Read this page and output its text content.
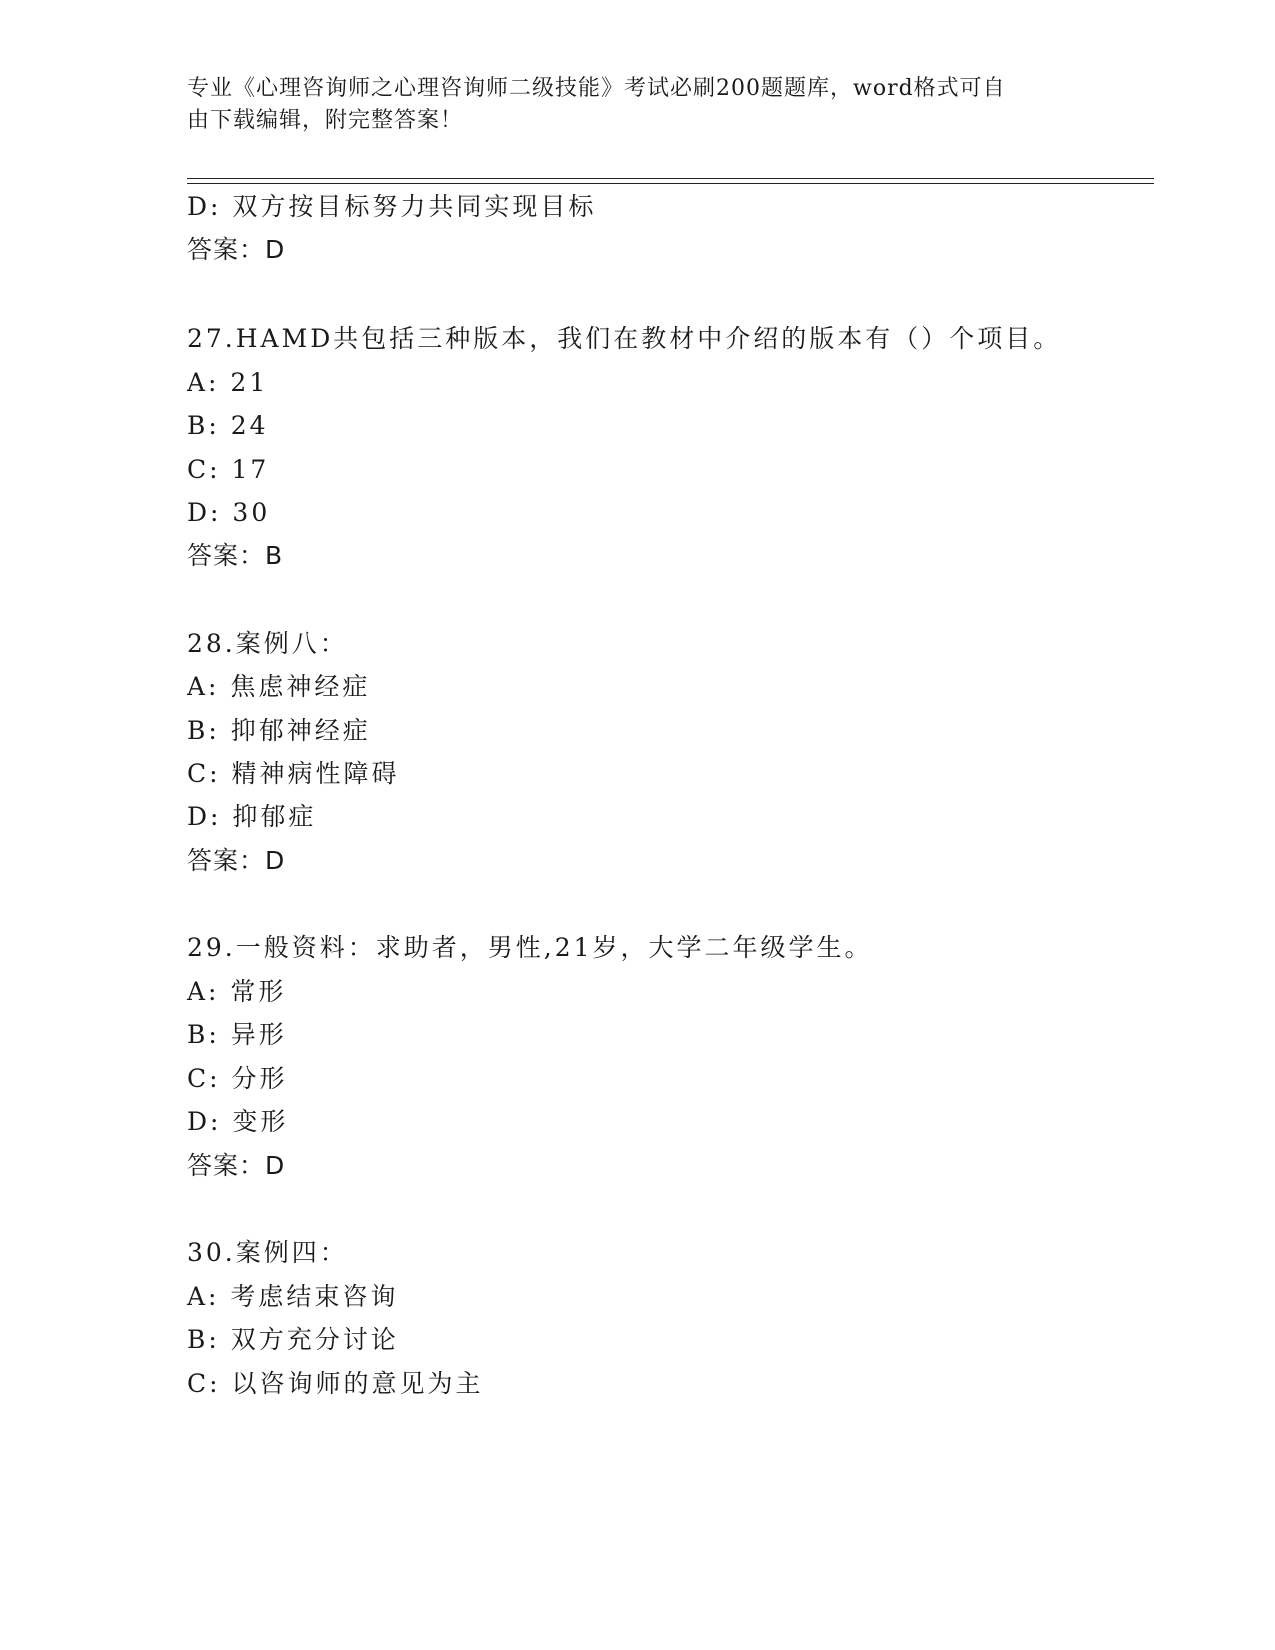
专业《心理咨询师之心理咨询师二级技能》考试必刷200题题库，word格式可自
由下载编辑，附完整答案！
D: 双方按目标努力共同实现目标
答案：D
27.HAMD共包括三种版本，我们在教材中介绍的版本有（）个项目。
A: 21
B: 24
C: 17
D: 30
答案：B
28.案例八：
A: 焦虑神经症
B: 抑郁神经症
C: 精神病性障碍
D: 抑郁症
答案：D
29.一般资料：求助者，男性,21岁，大学二年级学生。
A: 常形
B: 异形
C: 分形
D: 变形
答案：D
30.案例四：
A: 考虑结束咨询
B: 双方充分讨论
C: 以咨询师的意见为主
